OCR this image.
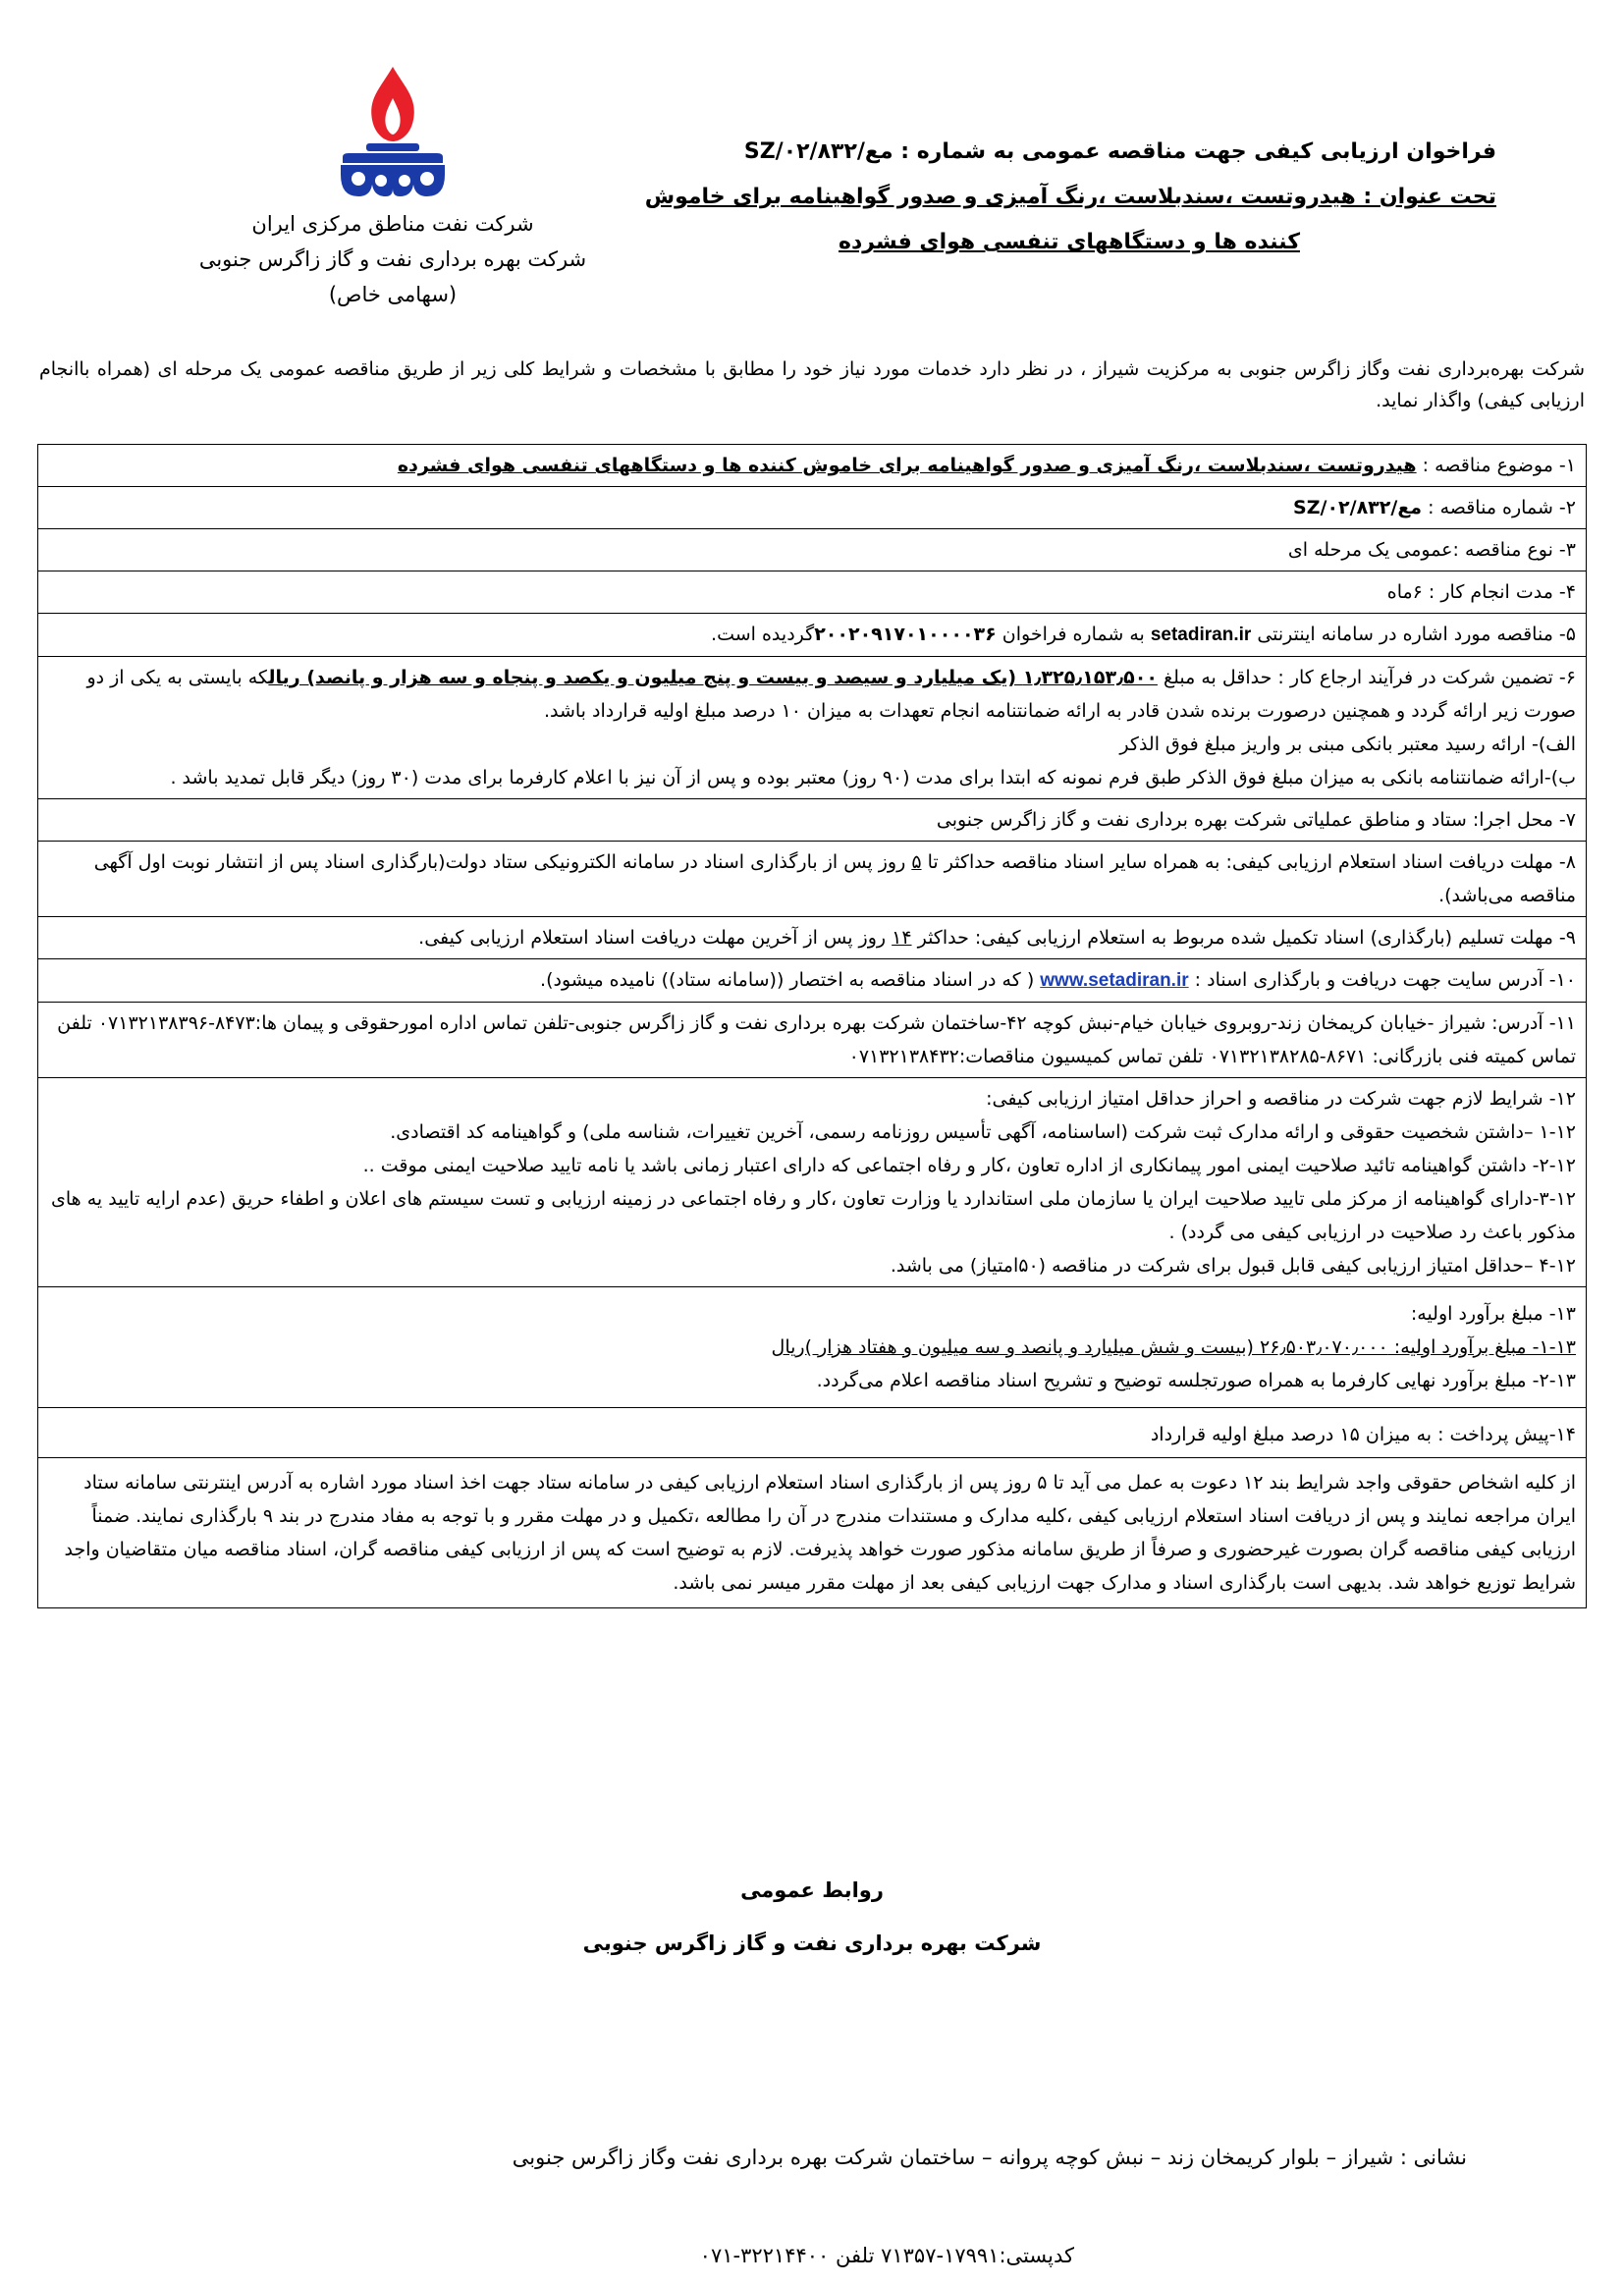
شرکت نفت مناطق مرکزی ایران
شرکت بهره برداری نفت و گاز زاگرس جنوبی
(سهامی خاص)
فراخوان ارزیابی کیفی جهت مناقصه عمومی به شماره : مع/۰۲/۸۳۲/SZ
تحت عنوان : هیدروتست ،سندبلاست ،رنگ آمیزی و صدور گواهینامه برای خاموش
کننده ها و دستگاههای تنفسی هوای فشرده
شرکت بهره‌برداری نفت وگاز زاگرس جنوبی به مرکزیت شیراز ، در نظر دارد خدمات مورد نیاز خود را مطابق با مشخصات و شرایط کلی زیر از طریق مناقصه عمومی یک مرحله ای (همراه باانجام ارزیابی کیفی) واگذار نماید.
۱- موضوع مناقصه : هیدروتست ،سندبلاست ،رنگ آمیزی و صدور گواهینامه برای خاموش کننده ها و دستگاههای تنفسی هوای فشرده
۲- شماره مناقصه : مع/۰۲/۸۳۲/SZ
۳- نوع مناقصه :عمومی یک مرحله ای
۴- مدت انجام کار : ۶ماه
۵- مناقصه مورد اشاره در سامانه اینترنتی setadiran.ir به شماره فراخوان ۲۰۰۲۰۹۱۷۰۱۰۰۰۰۳۶گردیده است.
۶- تضمین شرکت در فرآیند ارجاع کار : حداقل به مبلغ ۱٫۳۲۵٫۱۵۳٫۵۰۰ (یک میلیارد و سیصد و بیست و پنج میلیون و یکصد و پنجاه و سه هزار و پانصد) ریالکه بایستی به یکی از دو صورت زیر ارائه گردد و همچنین درصورت برنده شدن قادر به ارائه ضمانتنامه انجام تعهدات به میزان ۱۰ درصد مبلغ اولیه قرارداد باشد.
الف)- ارائه رسید معتبر بانکی مبنی بر واریز مبلغ فوق الذکر
ب)-ارائه ضمانتنامه بانکی به میزان مبلغ فوق الذکر طبق فرم نمونه که ابتدا برای مدت (۹۰ روز) معتبر بوده و پس از آن نیز با اعلام کارفرما برای مدت (۳۰ روز) دیگر قابل تمدید باشد .

۷- محل اجرا: ستاد و مناطق عملیاتی شرکت بهره برداری نفت و گاز زاگرس جنوبی
۸- مهلت دریافت اسناد استعلام ارزیابی کیفی: به همراه سایر اسناد مناقصه حداکثر تا ۵ روز پس از بارگذاری اسناد در سامانه الکترونیکی ستاد دولت(بارگذاری اسناد پس از انتشار نوبت اول آگهی مناقصه می‌باشد).
۹- مهلت تسلیم (بارگذاری) اسناد تکمیل شده مربوط به استعلام ارزیابی کیفی: حداکثر ۱۴ روز پس از آخرین مهلت دریافت اسناد استعلام ارزیابی کیفی.
۱۰- آدرس سایت جهت دریافت و بارگذاری اسناد : www.setadiran.ir ( که در اسناد مناقصه به اختصار ((سامانه ستاد)) نامیده میشود).
۱۱- آدرس: شیراز -خیابان کریمخان زند-روبروی خیابان خیام-نبش کوچه ۴۲-ساختمان شرکت بهره برداری نفت و گاز زاگرس جنوبی-تلفن تماس اداره امورحقوقی و پیمان ها:۸۴۷۳-۰۷۱۳۲۱۳۸۳۹۶ تلفن تماس کمیته فنی بازرگانی: ۸۶۷۱-۰۷۱۳۲۱۳۸۲۸۵ تلفن تماس کمیسیون مناقصات:۰۷۱۳۲۱۳۸۴۳۲

۱۲- شرایط لازم جهت شرکت در مناقصه و احراز حداقل امتیاز ارزیابی کیفی:
۱-۱۲ –داشتن شخصیت حقوقی و ارائه مدارک ثبت شرکت (اساسنامه، آگهی تأسیس روزنامه رسمی، آخرین تغییرات، شناسه ملی) و گواهینامه کد اقتصادی.
۲-۱۲- داشتن گواهینامه تائید صلاحیت ایمنی امور پیمانکاری از اداره تعاون ،کار و رفاه اجتماعی که دارای اعتبار زمانی باشد یا نامه تایید صلاحیت ایمنی موقت ..
۳-۱۲-دارای گواهینامه از مرکز ملی تایید صلاحیت ایران یا سازمان ملی استاندارد یا وزارت تعاون ،کار و رفاه اجتماعی در زمینه ارزیابی و تست سیستم های اعلان و اطفاء حریق (عدم ارایه تایید یه های مذکور باعث رد صلاحیت در ارزیابی کیفی می گردد) .
۴-۱۲ –حداقل امتیاز ارزیابی کیفی قابل قبول برای شرکت در مناقصه (۵۰امتیاز) می باشد.

۱۳- مبلغ برآورد اولیه:
۱-۱۳- مبلغ برآورد اولیه: ۲۶٫۵۰۳٫۰۷۰٫۰۰۰ (بیست و شش میلیارد و پانصد و سه میلیون و هفتاد هزار )ریال
۲-۱۳- مبلغ برآورد نهایی کارفرما به همراه صورتجلسه توضیح و تشریح اسناد مناقصه اعلام می‌گردد.

۱۴-پیش پرداخت : به میزان ۱۵ درصد مبلغ اولیه قرارداد
از کلیه اشخاص حقوقی واجد شرایط بند ۱۲ دعوت به عمل می آید تا ۵ روز پس از بارگذاری اسناد استعلام ارزیابی کیفی در سامانه ستاد جهت اخذ اسناد مورد اشاره به آدرس اینترنتی سامانه ستاد ایران مراجعه نمایند و پس از دریافت اسناد استعلام ارزیابی کیفی ،کلیه مدارک و مستندات مندرج در آن را مطالعه ،تکمیل و در مهلت مقرر و با توجه به مفاد مندرج در بند ۹ بارگذاری نمایند. ضمناً ارزیابی کیفی مناقصه گران بصورت غیرحضوری و صرفاً از طریق سامانه مذکور صورت خواهد پذیرفت. لازم به توضیح است که پس از ارزیابی کیفی مناقصه گران، اسناد مناقصه میان متقاضیان واجد شرایط توزیع خواهد شد. بدیهی است بارگذاری اسناد و مدارک جهت ارزیابی کیفی بعد از مهلت مقرر میسر نمی باشد.
روابط عمومی
شرکت بهره برداری نفت و گاز زاگرس جنوبی
نشانی : شیراز – بلوار کریمخان زند – نبش کوچه پروانه – ساختمان شرکت بهره برداری نفت وگاز زاگرس جنوبی
کدپستی:۱۷۹۹۱-۷۱۳۵۷ تلفن ۳۲۲۱۴۴۰۰-۰۷۱
